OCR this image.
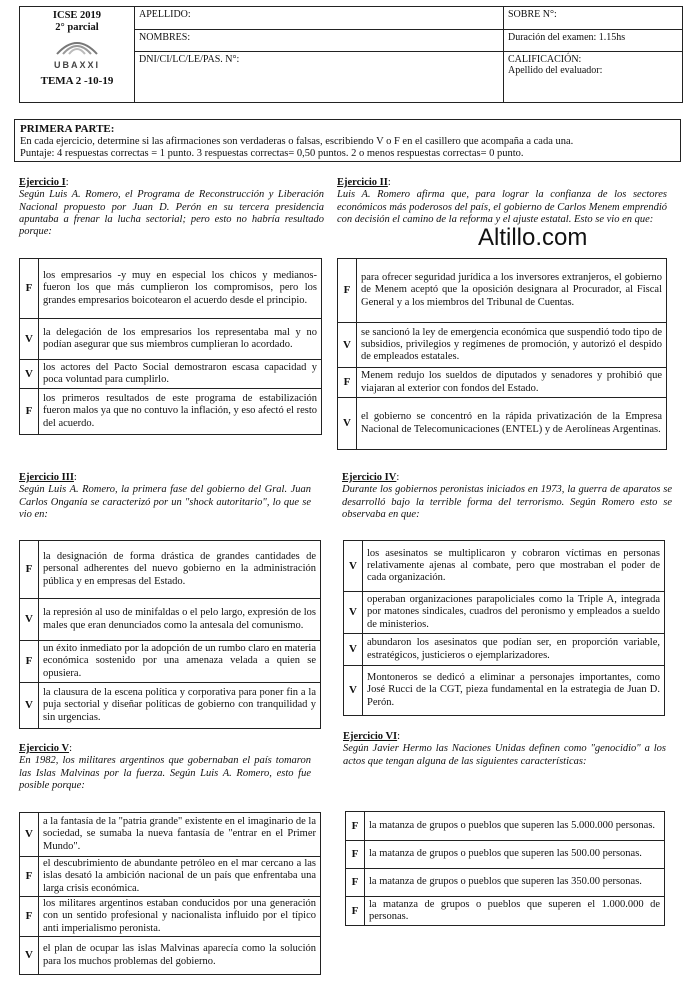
ICSE 2019
2° parcial
UBAXXI
TEMA 2 -10-19	APELLIDO:	SOBRE N°:
	NOMBRES:	Duración del examen: 1.15hs
	DNI/CI/LC/LE/PAS. N°:	CALIFICACIÓN:
Apellido del evaluador:
PRIMERA PARTE:
En cada ejercicio, determine si las afirmaciones son verdaderas o falsas, escribiendo V o F en el casillero que acompaña a cada una.
Puntaje: 4 respuestas correctas = 1 punto. 3 respuestas correctas= 0,50 puntos. 2 o menos respuestas correctas= 0 punto.
Altillo.com
Ejercicio I:
Según Luis A. Romero, el Programa de Reconstrucción y Liberación Nacional propuesto por Juan D. Perón en su tercera presidencia apuntaba a frenar la lucha sectorial; pero esto no habría resultado porque:
F	los empresarios -y muy en especial los chicos y medianos- fueron los que más cumplieron los compromisos, pero los grandes empresarios boicotearon el acuerdo desde el principio.
V	la delegación de los empresarios los representaba mal y no podían asegurar que sus miembros cumplieran lo acordado.
V	los actores del Pacto Social demostraron escasa capacidad y poca voluntad para cumplirlo.
F	los primeros resultados de este programa de estabilización fueron malos ya que no contuvo la inflación, y eso afectó el resto del acuerdo.
Ejercicio II:
Luis A. Romero afirma que, para lograr la confianza de los sectores económicos más poderosos del país, el gobierno de Carlos Menem emprendió con decisión el camino de la reforma y el ajuste estatal. Esto se vio en que:
F	para ofrecer seguridad jurídica a los inversores extranjeros, el gobierno de Menem aceptó que la oposición designara al Procurador, al Fiscal General y a los miembros del Tribunal de Cuentas.
V	se sancionó la ley de emergencia económica que suspendió todo tipo de subsidios, privilegios y regímenes de promoción, y autorizó el despido de empleados estatales.
F	Menem redujo los sueldos de diputados y senadores y prohibió que viajaran al exterior con fondos del Estado.
V	el gobierno se concentró en la rápida privatización de la Empresa Nacional de Telecomunicaciones (ENTEL) y de Aerolíneas Argentinas.
Ejercicio III:
Según Luis A. Romero, la primera fase del gobierno del Gral. Juan Carlos Onganía se caracterizó por un "shock autoritario", lo que se vio en:
F	la designación de forma drástica de grandes cantidades de personal adherentes del nuevo gobierno en la administración pública y en empresas del Estado.
V	la represión al uso de minifaldas o el pelo largo, expresión de los males que eran denunciados como la antesala del comunismo.
F	un éxito inmediato por la adopción de un rumbo claro en materia económica sostenido por una amenaza velada a quien se opusiera.
V	la clausura de la escena política y corporativa para poner fin a la puja sectorial y diseñar políticas de gobierno con tranquilidad y sin urgencias.
Ejercicio IV:
Durante los gobiernos peronistas iniciados en 1973, la guerra de aparatos se desarrolló bajo la terrible forma del terrorismo. Según Romero esto se observaba en que:
V	los asesinatos se multiplicaron y cobraron víctimas en personas relativamente ajenas al combate, pero que mostraban el poder de cada organización.
V	operaban organizaciones parapoliciales como la Triple A, integrada por matones sindicales, cuadros del peronismo y empleados a sueldo de ministerios.
V	abundaron los asesinatos que podían ser, en proporción variable, estratégicos, justicieros o ejemplarizadores.
V	Montoneros se dedicó a eliminar a personajes importantes, como José Rucci de la CGT, pieza fundamental en la estrategia de Juan D. Perón.
Ejercicio V:
En 1982, los militares argentinos que gobernaban el país tomaron las Islas Malvinas por la fuerza. Según Luis A. Romero, esto fue posible porque:
V	a la fantasía de la "patria grande" existente en el imaginario de la sociedad, se sumaba la nueva fantasía de "entrar en el Primer Mundo".
F	el descubrimiento de abundante petróleo en el mar cercano a las islas desató la ambición nacional de un país que enfrentaba una larga crisis económica.
F	los militares argentinos estaban conducidos por una generación con un sentido profesional y nacionalista influido por el típico anti imperialismo peronista.
V	el plan de ocupar las islas Malvinas aparecía como la solución para los muchos problemas del gobierno.
Ejercicio VI:
Según Javier Hermo las Naciones Unidas definen como "genocidio" a los actos que tengan alguna de las siguientes características:
F	la matanza de grupos o pueblos que superen las 5.000.000 personas.
F	la matanza de grupos o pueblos que superen las 500.00 personas.
F	la matanza de grupos o pueblos que superen las 350.00 personas.
F	la matanza de grupos o pueblos que superen el 1.000.000 de personas.
